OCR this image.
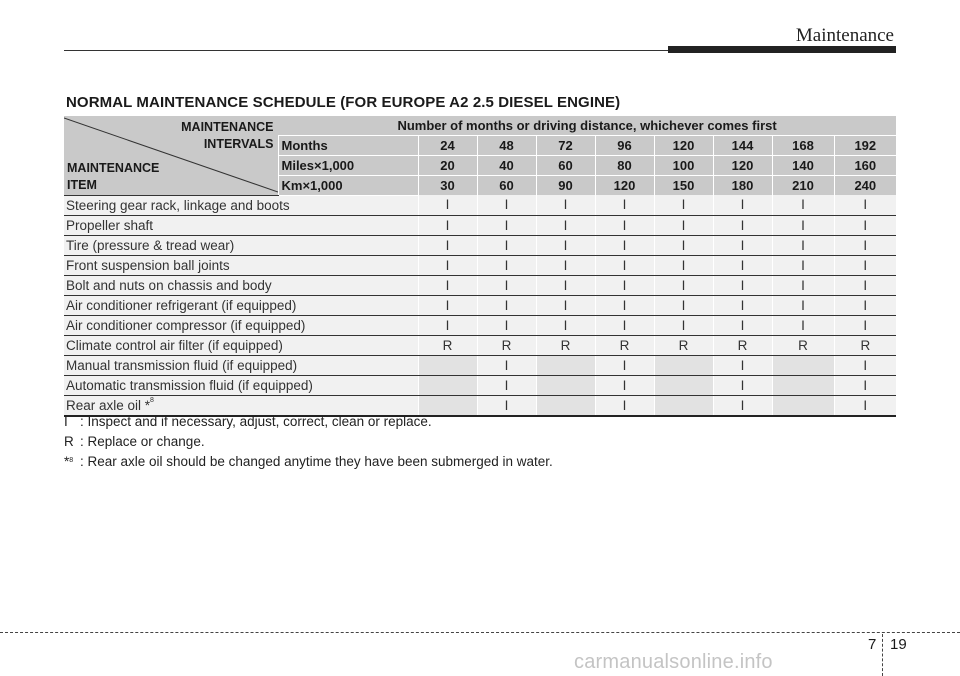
Maintenance
NORMAL MAINTENANCE SCHEDULE (FOR EUROPE A2 2.5 DIESEL ENGINE)
MAINTENANCE
INTERVALS
MAINTENANCE
ITEM	Number of months or driving distance, whichever comes first								
	Months	24	48	72	96	120	144	168	192
	Miles×1,000	20	40	60	80	100	120	140	160
	Km×1,000	30	60	90	120	150	180	210	240
Steering gear rack, linkage and boots		I	I	I	I	I	I	I	I
Propeller shaft		I	I	I	I	I	I	I	I
Tire (pressure & tread wear)		I	I	I	I	I	I	I	I
Front suspension ball joints		I	I	I	I	I	I	I	I
Bolt and nuts on chassis and body		I	I	I	I	I	I	I	I
Air conditioner refrigerant (if equipped)		I	I	I	I	I	I	I	I
Air conditioner compressor (if equipped)		I	I	I	I	I	I	I	I
Climate control air filter (if equipped)		R	R	R	R	R	R	R	R
Manual transmission fluid (if equipped)			I		I		I		I
Automatic transmission fluid (if equipped)			I		I		I		I
Rear axle oil *$^8$			I		I		I		I
I : Inspect and if necessary, adjust, correct, clean or replace.
R : Replace or change.
*$^8$ : Rear axle oil should be changed anytime they have been submerged in water.
7 19
carmanualsonline.info
